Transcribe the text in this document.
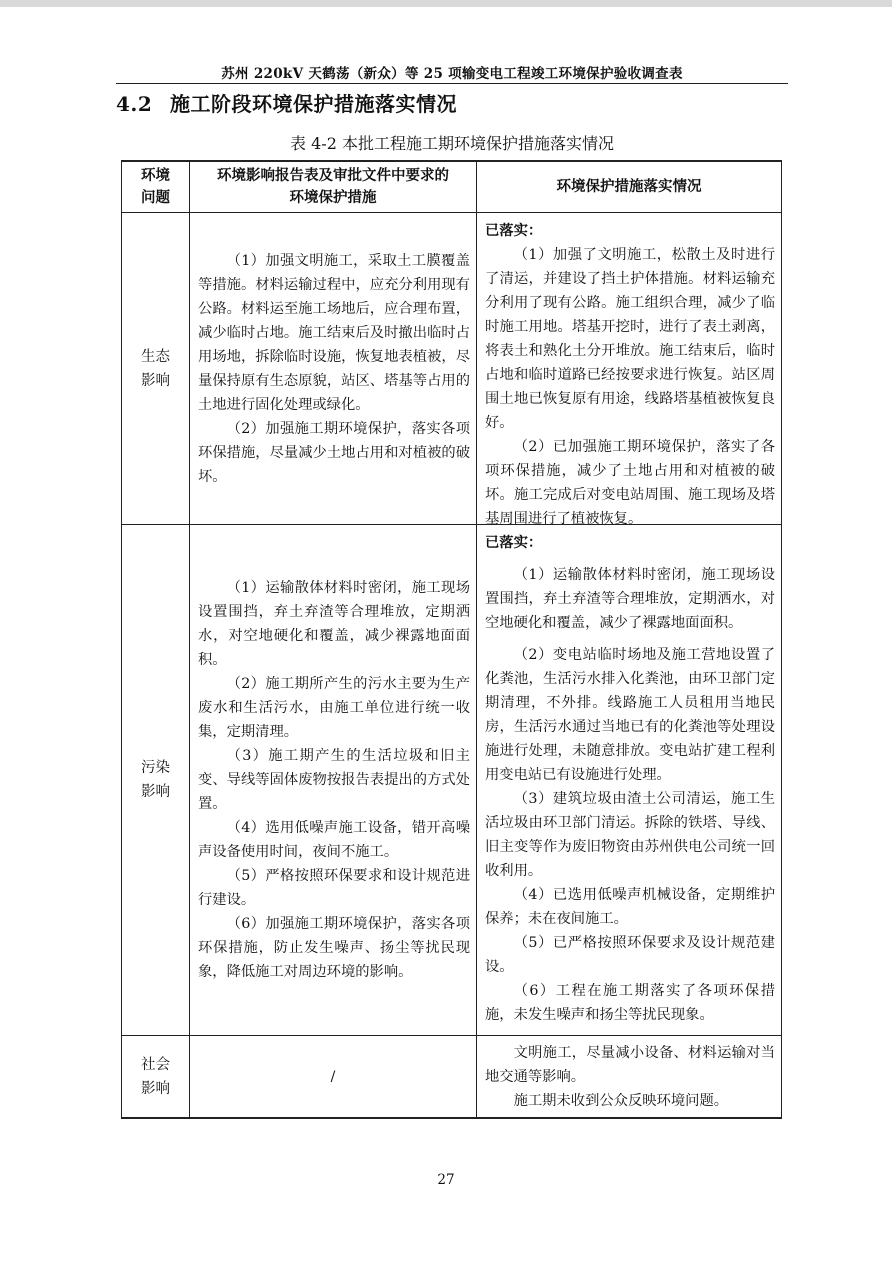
苏州 220kV 天鹤荡（新众）等 25 项输变电工程竣工环境保护验收调查表
4.2 施工阶段环境保护措施落实情况
表 4-2 本批工程施工期环境保护措施落实情况
环境
问题
环境影响报告表及审批文件中要求的
环境保护措施
环境保护措施落实情况
生态
影响

（1）加强文明施工，采取土工膜覆盖等措施。材料运输过程中，应充分利用现有公路。材料运至施工场地后，应合理布置，减少临时占地。施工结束后及时撤出临时占用场地，拆除临时设施，恢复地表植被，尽量保持原有生态原貌，站区、塔基等占用的土地进行固化处理或绿化。

（2）加强施工期环境保护，落实各项环保措施，尽量减少土地占用和对植被的破坏。

已落实：

（1）加强了文明施工，松散土及时进行了清运，并建设了挡土护体措施。材料运输充分利用了现有公路。施工组织合理，减少了临时施工用地。塔基开挖时，进行了表土剥离，将表土和熟化土分开堆放。施工结束后，临时占地和临时道路已经按要求进行恢复。站区周围土地已恢复原有用途，线路塔基植被恢复良好。

（2）已加强施工期环境保护，落实了各项环保措施，减少了土地占用和对植被的破坏。施工完成后对变电站周围、施工现场及塔基周围进行了植被恢复。

污染
影响

（1）运输散体材料时密闭，施工现场设置围挡，弃土弃渣等合理堆放，定期洒水，对空地硬化和覆盖，减少裸露地面面积。

（2）施工期所产生的污水主要为生产废水和生活污水，由施工单位进行统一收集，定期清理。

（3）施工期产生的生活垃圾和旧主变、导线等固体废物按报告表提出的方式处置。

（4）选用低噪声施工设备，错开高噪声设备使用时间，夜间不施工。

（5）严格按照环保要求和设计规范进行建设。

（6）加强施工期环境保护，落实各项环保措施，防止发生噪声、扬尘等扰民现象，降低施工对周边环境的影响。

已落实：

（1）运输散体材料时密闭，施工现场设置围挡，弃土弃渣等合理堆放，定期洒水，对空地硬化和覆盖，减少了裸露地面面积。

（2）变电站临时场地及施工营地设置了化粪池，生活污水排入化粪池，由环卫部门定期清理，不外排。线路施工人员租用当地民房，生活污水通过当地已有的化粪池等处理设施进行处理，未随意排放。变电站扩建工程利用变电站已有设施进行处理。

（3）建筑垃圾由渣土公司清运，施工生活垃圾由环卫部门清运。拆除的铁塔、导线、旧主变等作为废旧物资由苏州供电公司统一回收利用。

（4）已选用低噪声机械设备，定期维护保养；未在夜间施工。

（5）已严格按照环保要求及设计规范建设。

（6）工程在施工期落实了各项环保措施，未发生噪声和扬尘等扰民现象。

社会
影响
/

文明施工，尽量减小设备、材料运输对当地交通等影响。

施工期未收到公众反映环境问题。

27
